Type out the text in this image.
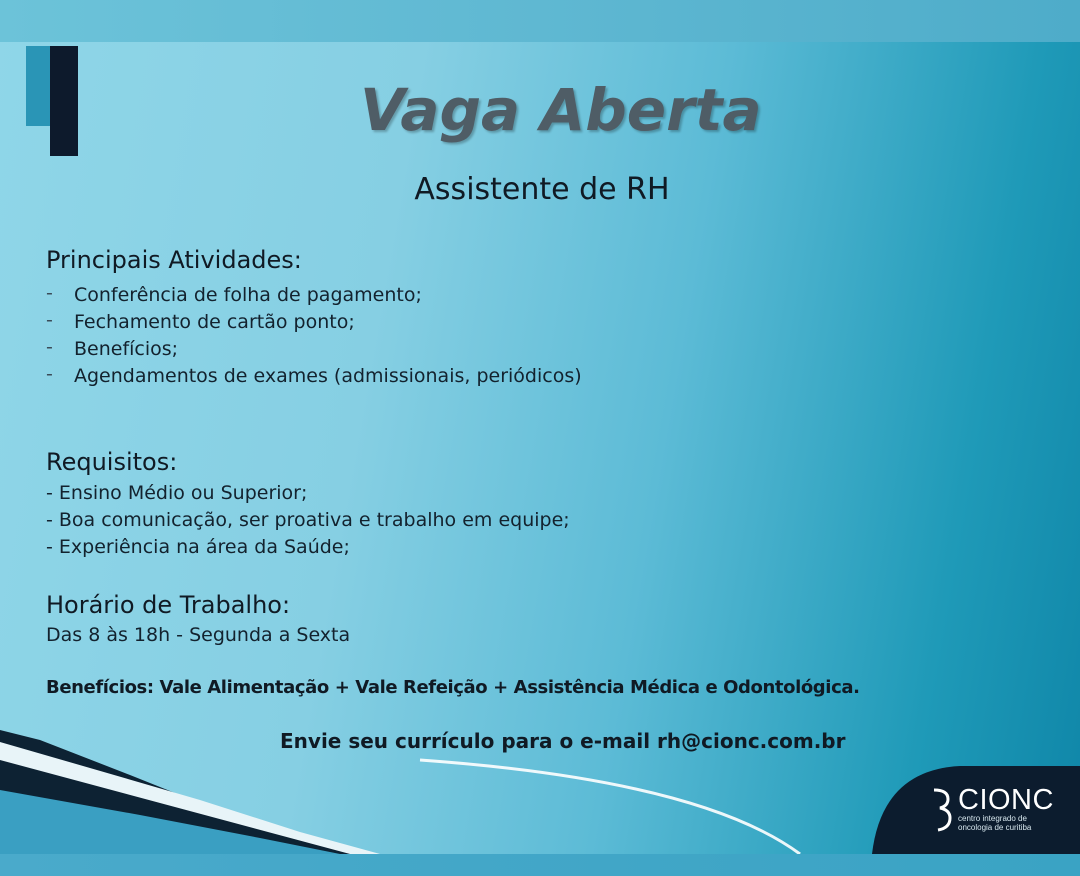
Vaga Aberta
Assistente de RH
Principais Atividades:
- Conferência de folha de pagamento;
- Fechamento de cartão ponto;
- Benefícios;
- Agendamentos de exames (admissionais, periódicos)
Requisitos:
- Ensino Médio ou Superior;
- Boa comunicação, ser proativa e trabalho em equipe;
- Experiência na área da Saúde;
Horário de Trabalho:
Das 8 às 18h - Segunda a Sexta
Benefícios: Vale Alimentação + Vale Refeição + Assistência Médica e Odontológica.
Envie seu currículo para o e-mail rh@cionc.com.br
CIONC
centro integrado de oncologia de curitiba
